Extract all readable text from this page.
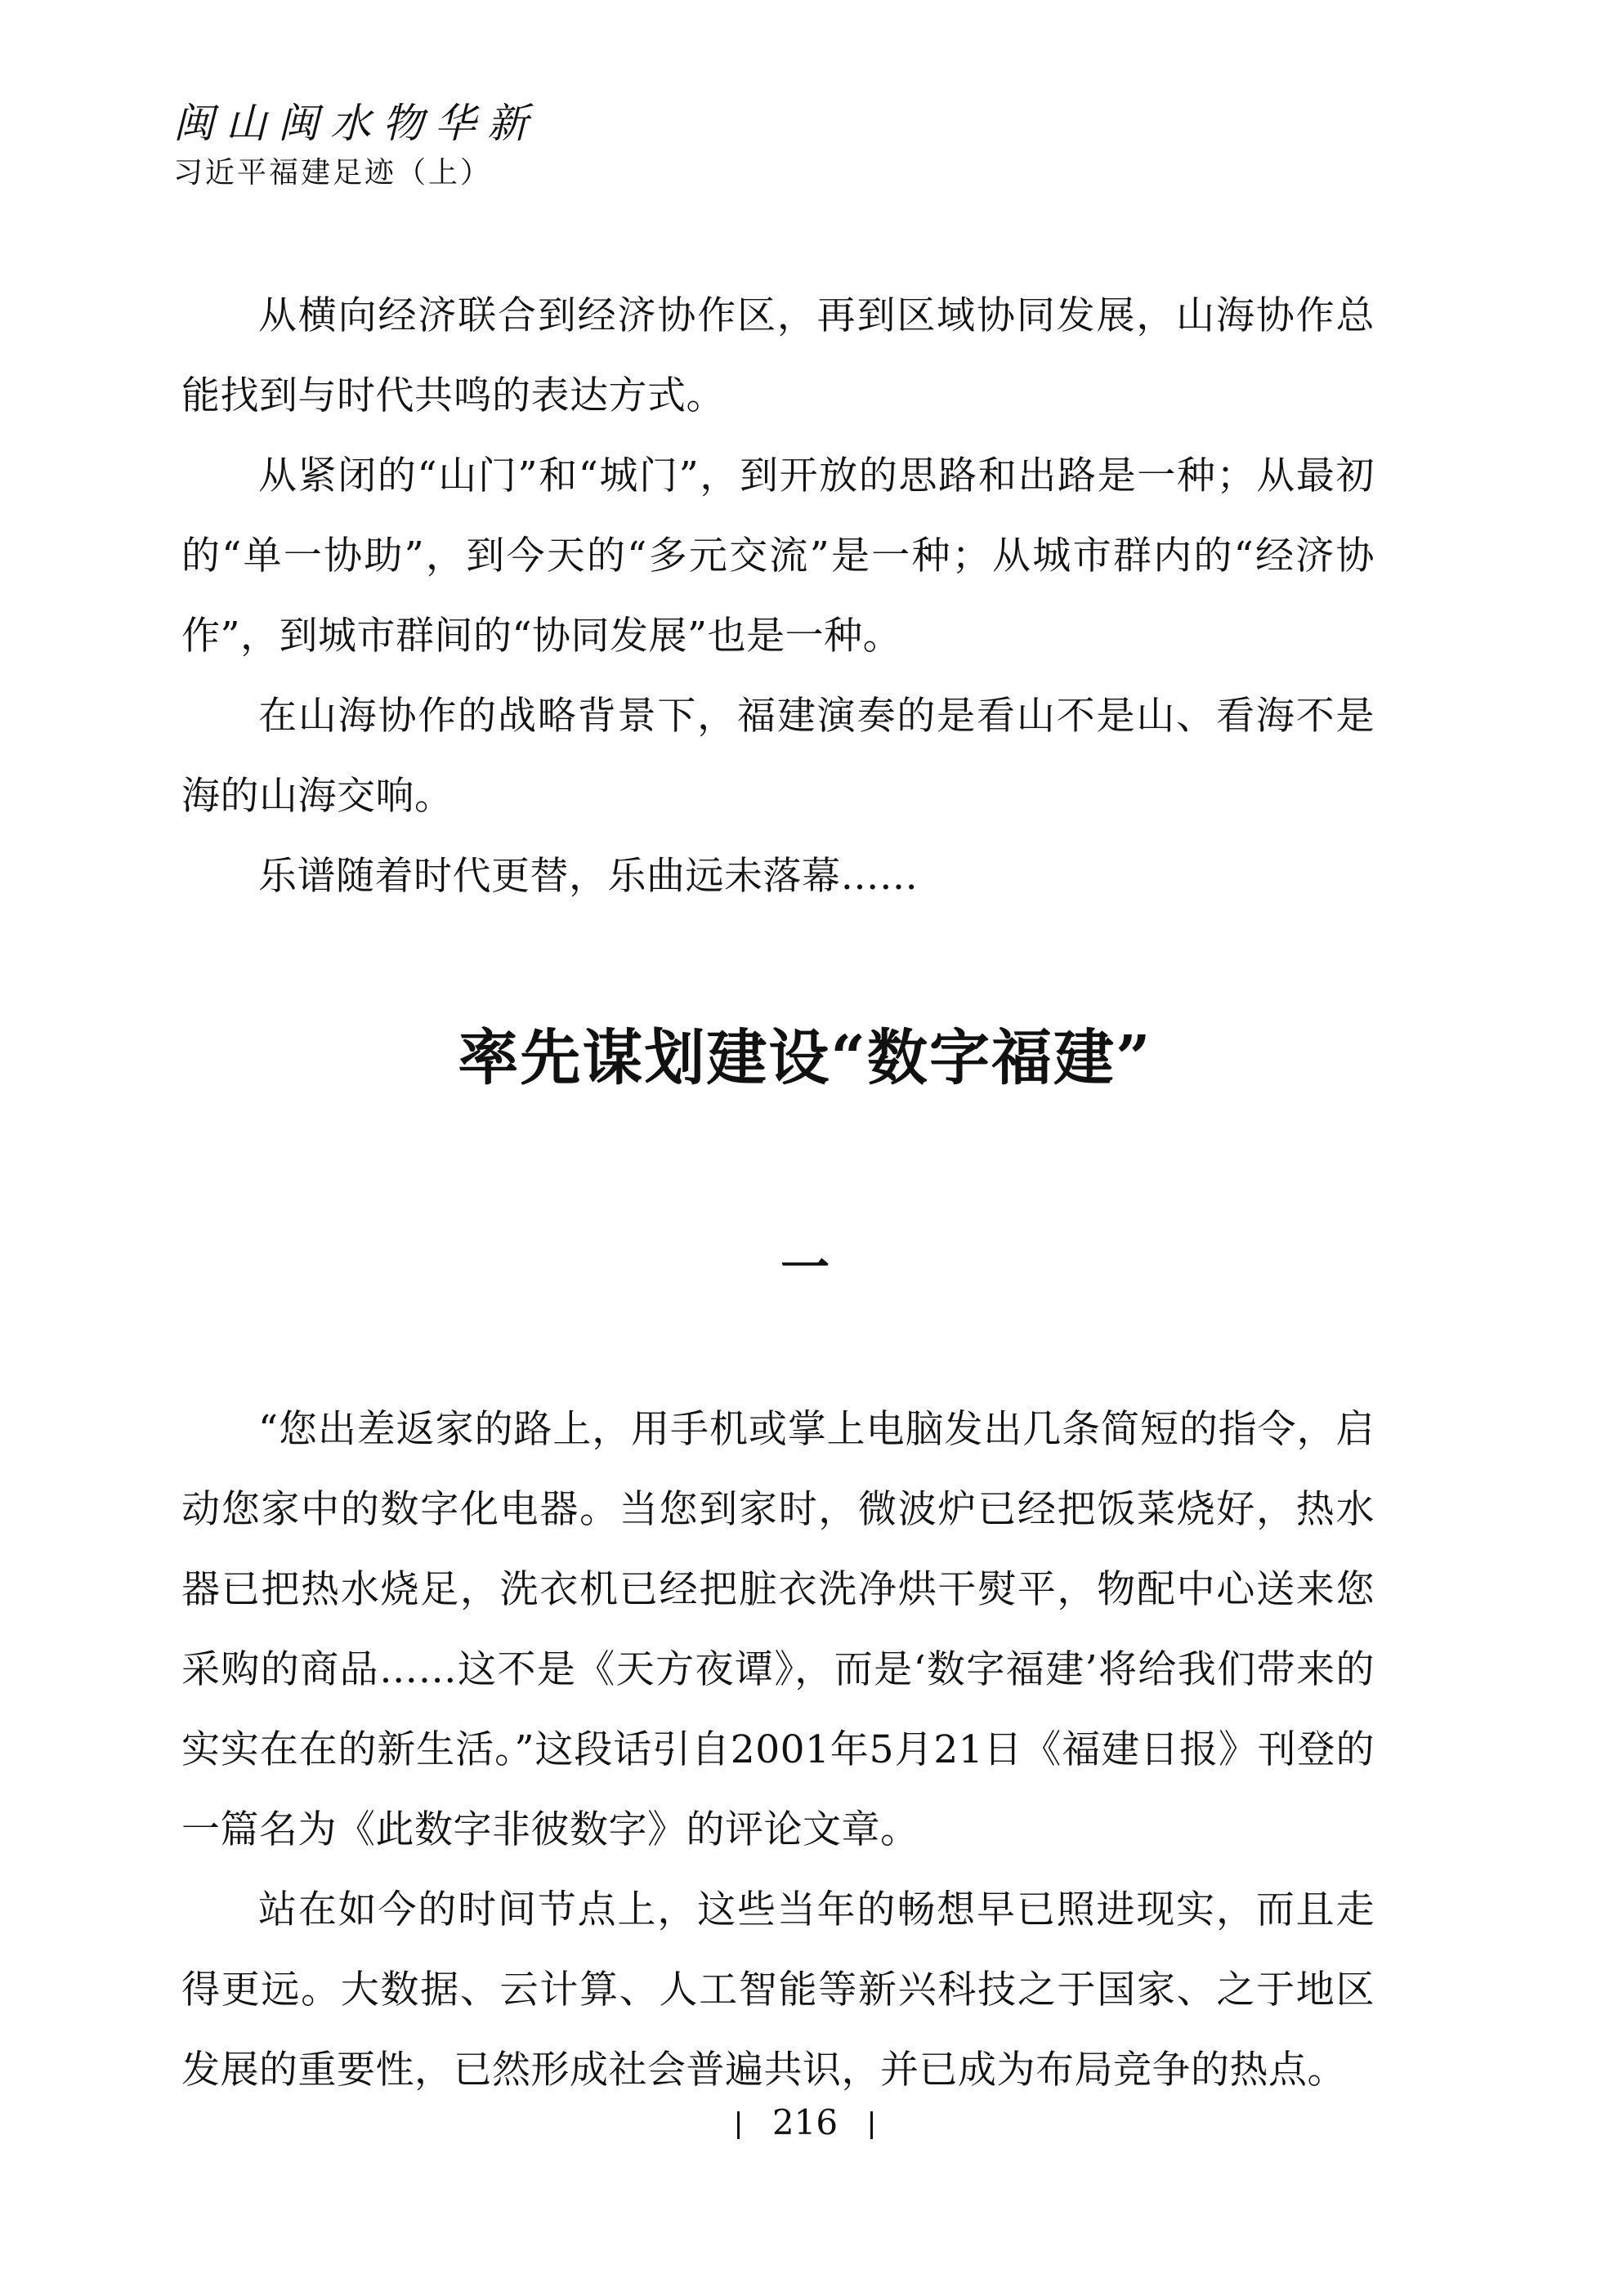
闽山闽水物华新
习近平福建足迹（上）

从横向经济联合到经济协作区，再到区域协同发展，山海协作总能找到与时代共鸣的表达方式。

从紧闭的“山门”和“城门”，到开放的思路和出路是一种；从最初的“单一协助”，到今天的“多元交流”是一种；从城市群内的“经济协作”，到城市群间的“协同发展”也是一种。

在山海协作的战略背景下，福建演奏的是看山不是山、看海不是海的山海交响。

乐谱随着时代更替，乐曲远未落幕……

率先谋划建设“数字福建”
一

“您出差返家的路上，用手机或掌上电脑发出几条简短的指令，启动您家中的数字化电器。当您到家时，微波炉已经把饭菜烧好，热水器已把热水烧足，洗衣机已经把脏衣洗净烘干熨平，物配中心送来您采购的商品……这不是《天方夜谭》，而是‘数字福建’将给我们带来的实实在在的新生活。”这段话引自2001年5月21日《福建日报》刊登的一篇名为《此数字非彼数字》的评论文章。

站在如今的时间节点上，这些当年的畅想早已照进现实，而且走得更远。大数据、云计算、人工智能等新兴科技之于国家、之于地区发展的重要性，已然形成社会普遍共识，并已成为布局竞争的热点。

216
